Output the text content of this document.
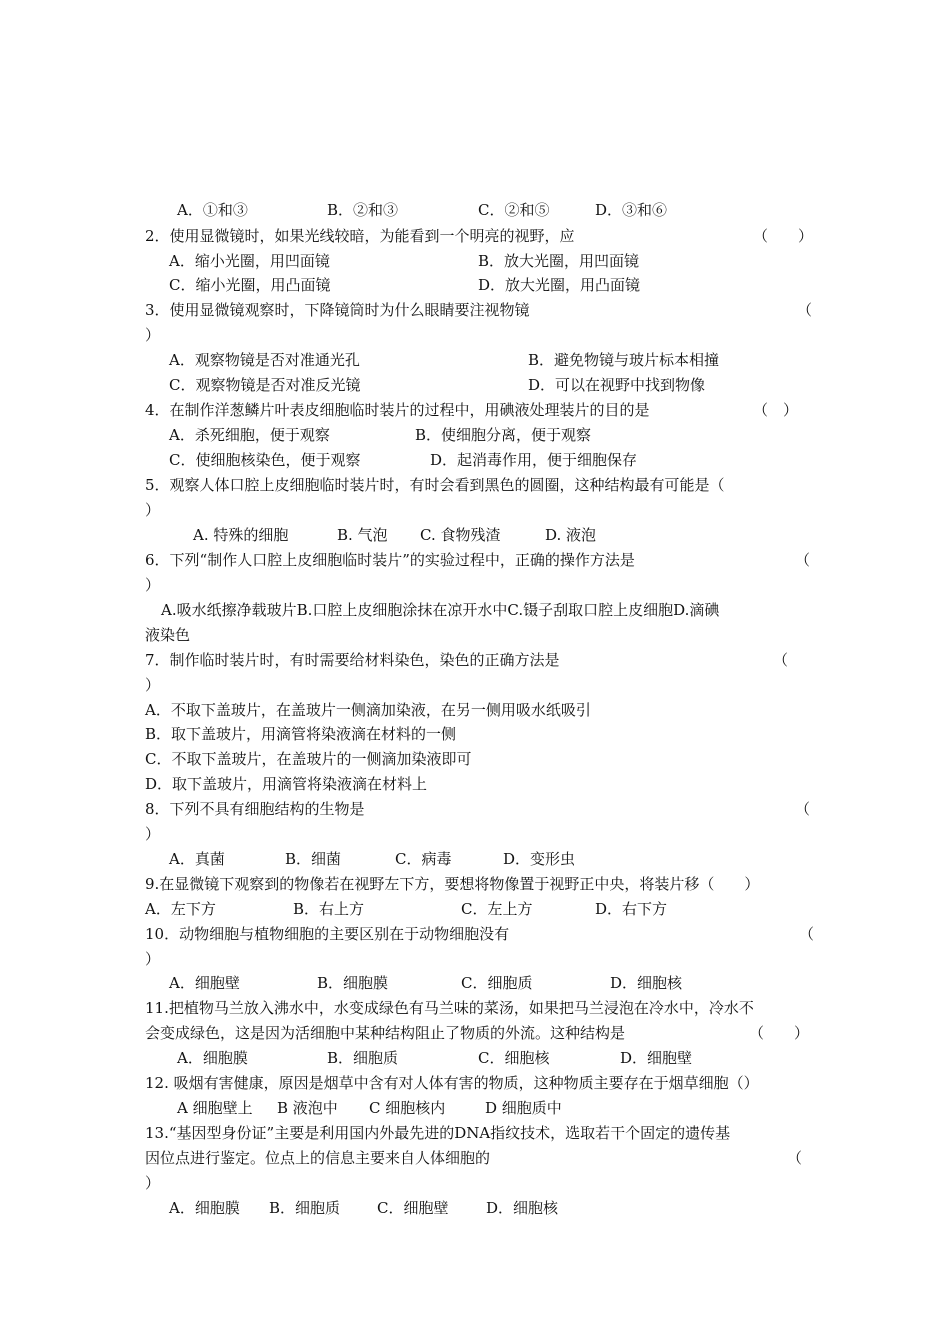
A．①和③	B．②和③	C．②和⑤	D．③和⑥
2．使用显微镜时，如果光线较暗，为能看到一个明亮的视野，应	（　　）
A．缩小光圈，用凹面镜	B．放大光圈，用凹面镜
C．缩小光圈，用凸面镜	D．放大光圈，用凸面镜
3．使用显微镜观察时，下降镜筒时为什么眼睛要注视物镜	（
）
A．观察物镜是否对准通光孔	B．避免物镜与玻片标本相撞
C．观察物镜是否对准反光镜	D．可以在视野中找到物像
4．在制作洋葱鳞片叶表皮细胞临时装片的过程中，用碘液处理装片的目的是	（　）
A．杀死细胞，便于观察	B．使细胞分离，便于观察
C．使细胞核染色，便于观察	D．起消毒作用，便于细胞保存
5．观察人体口腔上皮细胞临时装片时，有时会看到黑色的圆圈，这种结构最有可能是（
）
A. 特殊的细胞	B. 气泡 C. 食物残渣	D. 液泡
6．下列“制作人口腔上皮细胞临时装片”的实验过程中，正确的操作方法是	（
）
A.吸水纸擦净载玻片B.口腔上皮细胞涂抹在凉开水中C.镊子刮取口腔上皮细胞D.滴碘
液染色
7．制作临时装片时，有时需要给材料染色，染色的正确方法是	（
）
A．不取下盖玻片，在盖玻片一侧滴加染液，在另一侧用吸水纸吸引
B．取下盖玻片，用滴管将染液滴在材料的一侧
C．不取下盖玻片，在盖玻片的一侧滴加染液即可
D．取下盖玻片，用滴管将染液滴在材料上
8．下列不具有细胞结构的生物是	（
）
A．真菌	B．细菌	C．病毒	D．变形虫
9.在显微镜下观察到的物像若在视野左下方，要想将物像置于视野正中央，将装片移（　　）
A．左下方	B．右上方	C．左上方	D．右下方
10．动物细胞与植物细胞的主要区别在于动物细胞没有	（
）
A．细胞壁	B．细胞膜	C．细胞质	D．细胞核
11.把植物马兰放入沸水中，水变成绿色有马兰味的菜汤，如果把马兰浸泡在冷水中，冷水不
会变成绿色，这是因为活细胞中某种结构阻止了物质的外流。这种结构是	（　　）
A．细胞膜	B．细胞质	C．细胞核	D．细胞壁
12. 吸烟有害健康，原因是烟草中含有对人体有害的物质，这种物质主要存在于烟草细胞（）
A 细胞壁上 B 液泡中 C 细胞核内	D 细胞质中
13.“基因型身份证”主要是利用国内外最先进的DNA指纹技术，选取若干个固定的遗传基
因位点进行鉴定。位点上的信息主要来自人体细胞的	（
）
A．细胞膜 B．细胞质 C．细胞壁	D．细胞核
